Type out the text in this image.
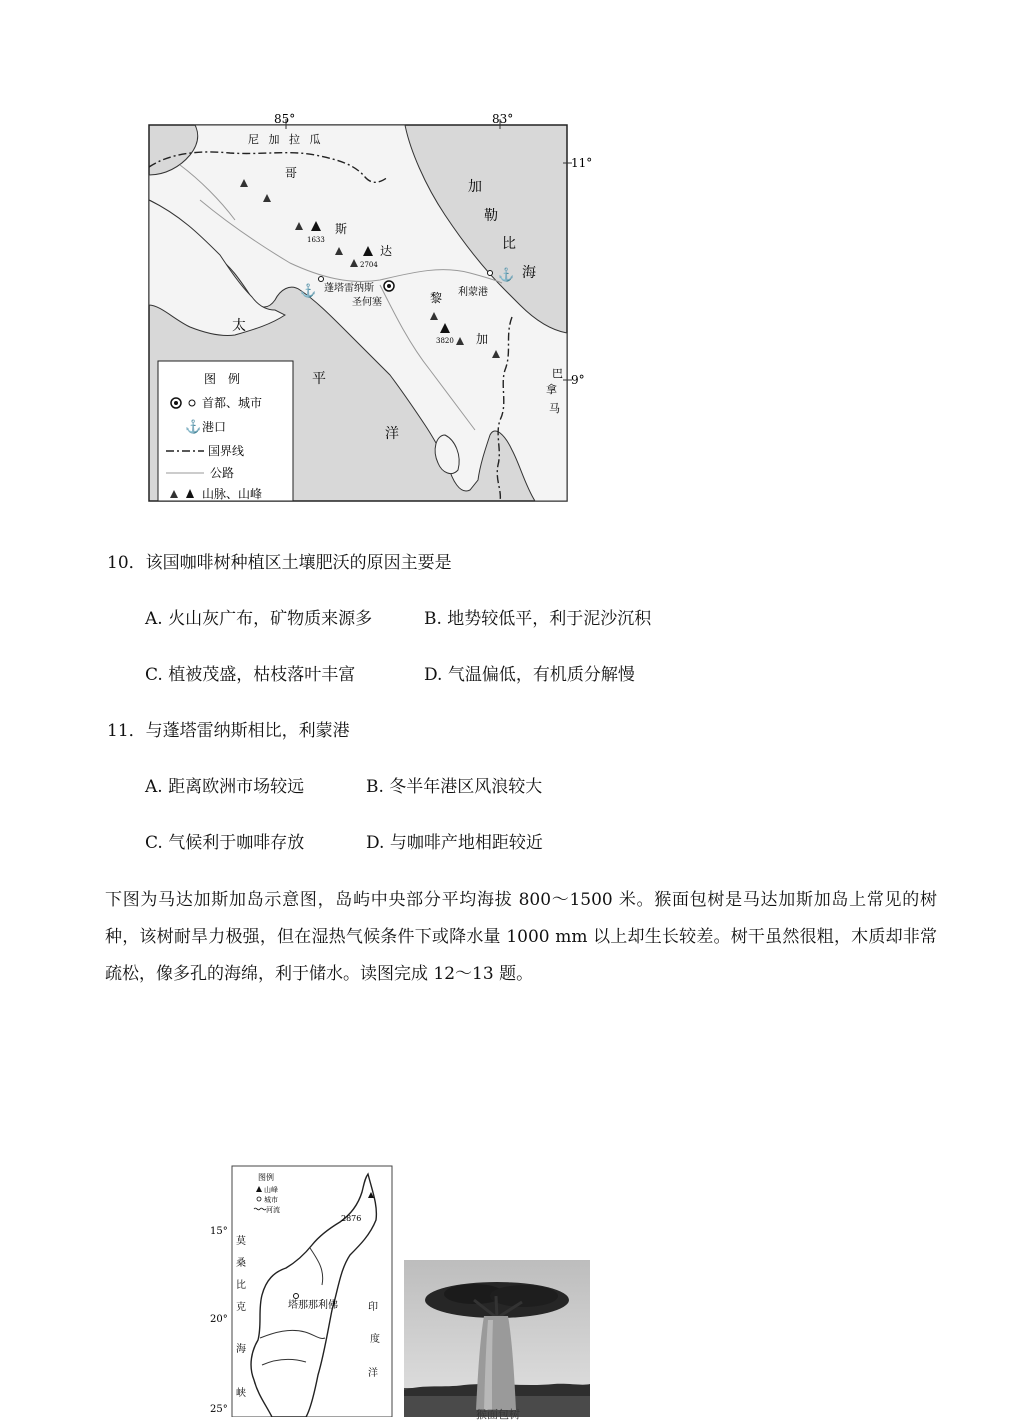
85°	83°
11°
9°
尼 加 拉 瓜
哥
斯
达
黎
加
加
勒
比
海
太
平
洋
巴
拿
马
1633
2704
3820
蓬塔雷纳斯
圣何塞
利蒙港
⚓
⚓
图　例
首都、城市
⚓ 港口
国界线
公路
山脉、山峰
10．该国咖啡树种植区土壤肥沃的原因主要是
A. 火山灰广布，矿物质来源多	B. 地势较低平，利于泥沙沉积
C. 植被茂盛，枯枝落叶丰富	D. 气温偏低，有机质分解慢
11．与蓬塔雷纳斯相比，利蒙港
A. 距离欧洲市场较远	B. 冬半年港区风浪较大
C. 气候利于咖啡存放	D. 与咖啡产地相距较近
下图为马达加斯加岛示意图，岛屿中央部分平均海拔 800～1500 米。猴面包树是马达加斯加岛上常见的树种，该树耐旱力极强，但在湿热气候条件下或降水量 1000 mm 以上却生长较差。树干虽然很粗，木质却非常疏松，像多孔的海绵，利于储水。读图完成 12～13 题。
15°
20°
25°
图例
山峰
城市
河流
2876
莫
桑
比
克
海
峡
印
度
洋
塔那那利佛
猴面包树
